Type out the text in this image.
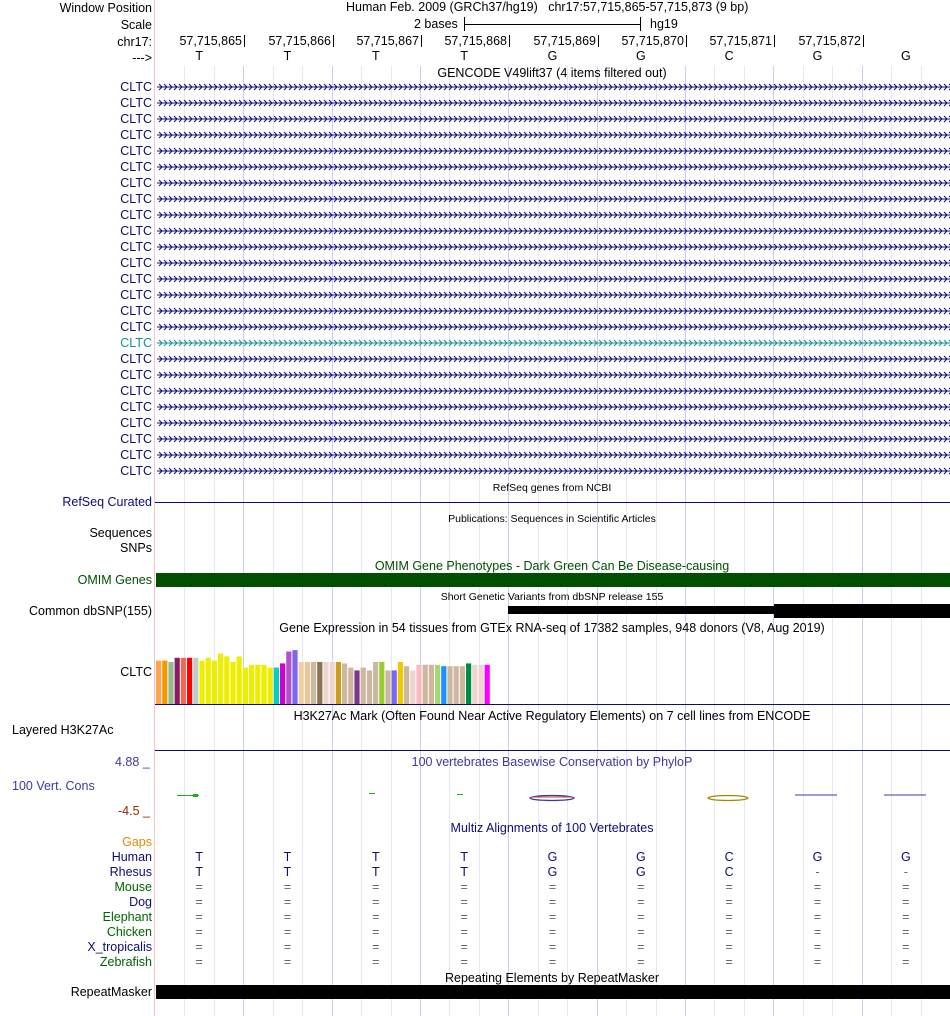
Window Position	Human Feb. 2009 (GRCh37/hg19) chr17:57,715,865-57,715,873 (9 bp)
Scale	2 bases	hg19
chr17:	57,715,865	57,715,866	57,715,867	57,715,868	57,715,869	57,715,870	57,715,871	57,715,872
--->	T	T	T	T	G	G	C	G	G
GENCODE V49lift37 (4 items filtered out)
CLTC
CLTC
CLTC
CLTC
CLTC
CLTC
CLTC
CLTC
CLTC
CLTC
CLTC
CLTC
CLTC
CLTC
CLTC
CLTC
CLTC
CLTC
CLTC
CLTC
CLTC
CLTC
CLTC
CLTC
CLTC
RefSeq genes from NCBI
RefSeq Curated
Publications: Sequences in Scientific Articles
Sequences
SNPs
OMIM Gene Phenotypes - Dark Green Can Be Disease-causing
OMIM Genes
Short Genetic Variants from dbSNP release 155
Common dbSNP(155)
Gene Expression in 54 tissues from GTEx RNA-seq of 17382 samples, 948 donors (V8, Aug 2019)
CLTC
H3K27Ac Mark (Often Found Near Active Regulatory Elements) on 7 cell lines from ENCODE
Layered H3K27Ac
4.88 _	100 vertebrates Basewise Conservation by PhyloP
100 Vert. Cons
-4.5 _
Multiz Alignments of 100 Vertebrates
Gaps
Human	T	T	T	T	G	G	C	G	G
Rhesus	T	T	T	T	G	G	C	-	-
Mouse	=	=	=	=	=	=	=	=	=
Dog	=	=	=	=	=	=	=	=	=
Elephant	=	=	=	=	=	=	=	=	=
Chicken	=	=	=	=	=	=	=	=	=
X_tropicalis	=	=	=	=	=	=	=	=	=
Zebrafish	=	=	=	=	=	=	=	=	=
Repeating Elements by RepeatMasker
RepeatMasker
